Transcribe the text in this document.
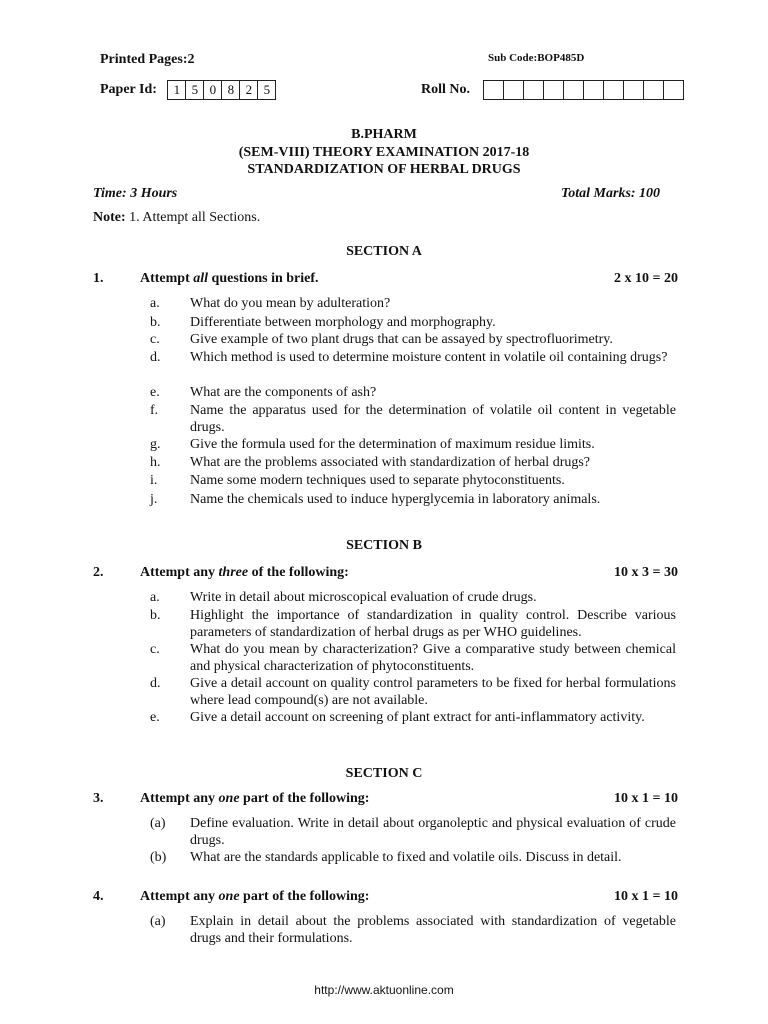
Printed Pages:2	Sub Code:BOP485D
Paper Id:	1 5 0 8 2 5	Roll No.
B.PHARM
(SEM-VIII) THEORY EXAMINATION 2017-18
STANDARDIZATION OF HERBAL DRUGS
Time: 3 Hours	Total Marks: 100
Note: 1. Attempt all Sections.
SECTION A
1.	Attempt all questions in brief.	2 x 10 = 20
a. What do you mean by adulteration?
b. Differentiate between morphology and morphography.
c. Give example of two plant drugs that can be assayed by spectrofluorimetry.
d. Which method is used to determine moisture content in volatile oil containing drugs?
e. What are the components of ash?
f. Name the apparatus used for the determination of volatile oil content in vegetable drugs.
g. Give the formula used for the determination of maximum residue limits.
h. What are the problems associated with standardization of herbal drugs?
i. Name some modern techniques used to separate phytoconstituents.
j. Name the chemicals used to induce hyperglycemia in laboratory animals.
SECTION B
2.	Attempt any three of the following:	10 x 3 = 30
a. Write in detail about microscopical evaluation of crude drugs.
b. Highlight the importance of standardization in quality control. Describe various parameters of standardization of herbal drugs as per WHO guidelines.
c. What do you mean by characterization? Give a comparative study between chemical and physical characterization of phytoconstituents.
d. Give a detail account on quality control parameters to be fixed for herbal formulations where lead compound(s) are not available.
e. Give a detail account on screening of plant extract for anti-inflammatory activity.
SECTION C
3.	Attempt any one part of the following:	10 x 1 = 10
(a) Define evaluation. Write in detail about organoleptic and physical evaluation of crude drugs.
(b) What are the standards applicable to fixed and volatile oils. Discuss in detail.
4.	Attempt any one part of the following:	10 x 1 = 10
(a) Explain in detail about the problems associated with standardization of vegetable drugs and their formulations.
http://www.aktuonline.com
